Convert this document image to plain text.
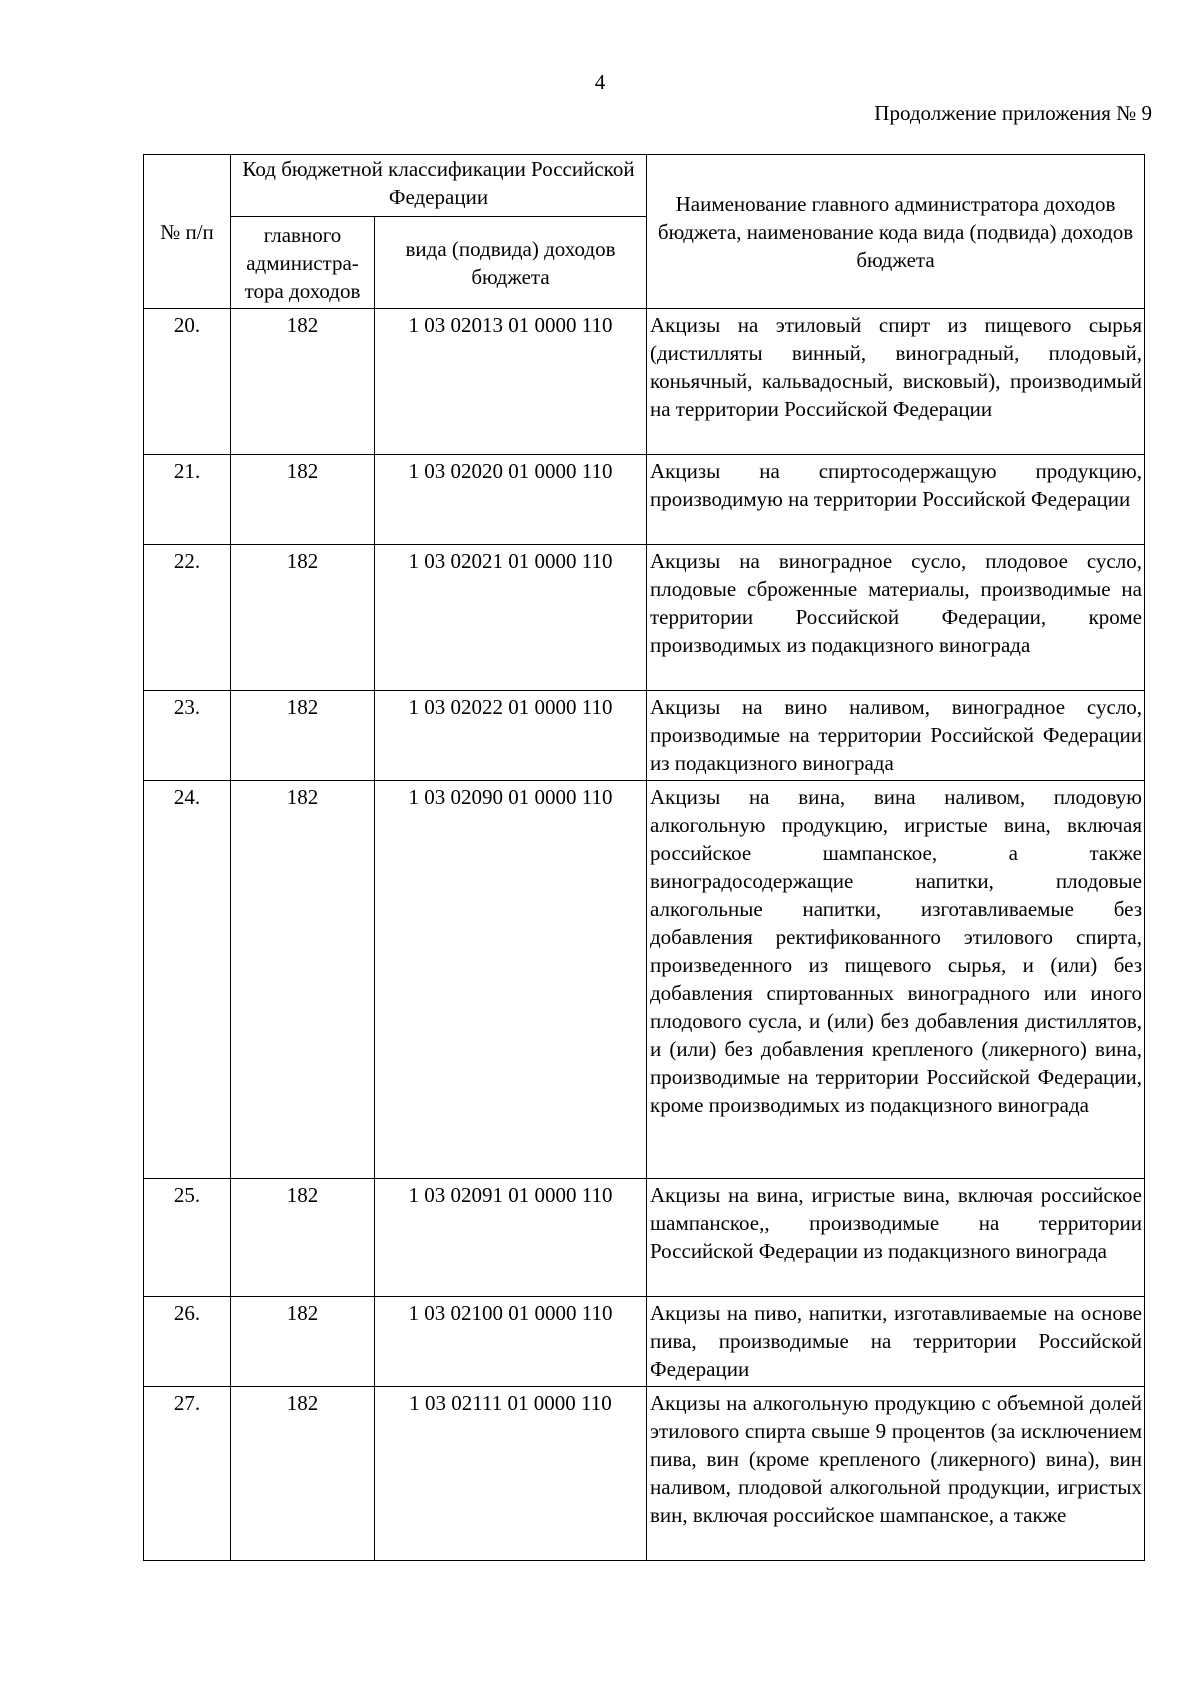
4
Продолжение приложения № 9
№ п/п	Код бюджетной классификации Российской Федерации		Наименование главного администратора доходов бюджета, наименование кода вида (подвида) доходов бюджета
	главного администра-тора доходов	вида (подвида) доходов бюджета	
20.	182	1 03 02013 01 0000 110	Акцизы на этиловый спирт из пищевого сырья (дистилляты винный, виноградный, плодовый, коньячный, кальвадосный, висковый), производимый на территории Российской Федерации
21.	182	1 03 02020 01 0000 110	Акцизы на спиртосодержащую продукцию, производимую на территории Российской Федерации
22.	182	1 03 02021 01 0000 110	Акцизы на виноградное сусло, плодовое сусло, плодовые сброженные материалы, производимые на территории Российской Федерации, кроме производимых из подакцизного винограда
23.	182	1 03 02022 01 0000 110	Акцизы на вино наливом, виноградное сусло, производимые на территории Российской Федерации из подакцизного винограда
24.	182	1 03 02090 01 0000 110	Акцизы на вина, вина наливом, плодовую алкогольную продукцию, игристые вина, включая российское шампанское, а также виноградосодержащие напитки, плодовые алкогольные напитки, изготавливаемые без добавления ректификованного этилового спирта, произведенного из пищевого сырья, и (или) без добавления спиртованных виноградного или иного плодового сусла, и (или) без добавления дистиллятов, и (или) без добавления крепленого (ликерного) вина, производимые на территории Российской Федерации, кроме производимых из подакцизного винограда
25.	182	1 03 02091 01 0000 110	Акцизы на вина, игристые вина, включая российское шампанское,, производимые на территории Российской Федерации из подакцизного винограда
26.	182	1 03 02100 01 0000 110	Акцизы на пиво, напитки, изготавливаемые на основе пива, производимые на территории Российской Федерации
27.	182	1 03 02111 01 0000 110	Акцизы на алкогольную продукцию с объемной долей этилового спирта свыше 9 процентов (за исключением пива, вин (кроме крепленого (ликерного) вина), вин наливом, плодовой алкогольной продукции, игристых вин, включая российское шампанское, а также
